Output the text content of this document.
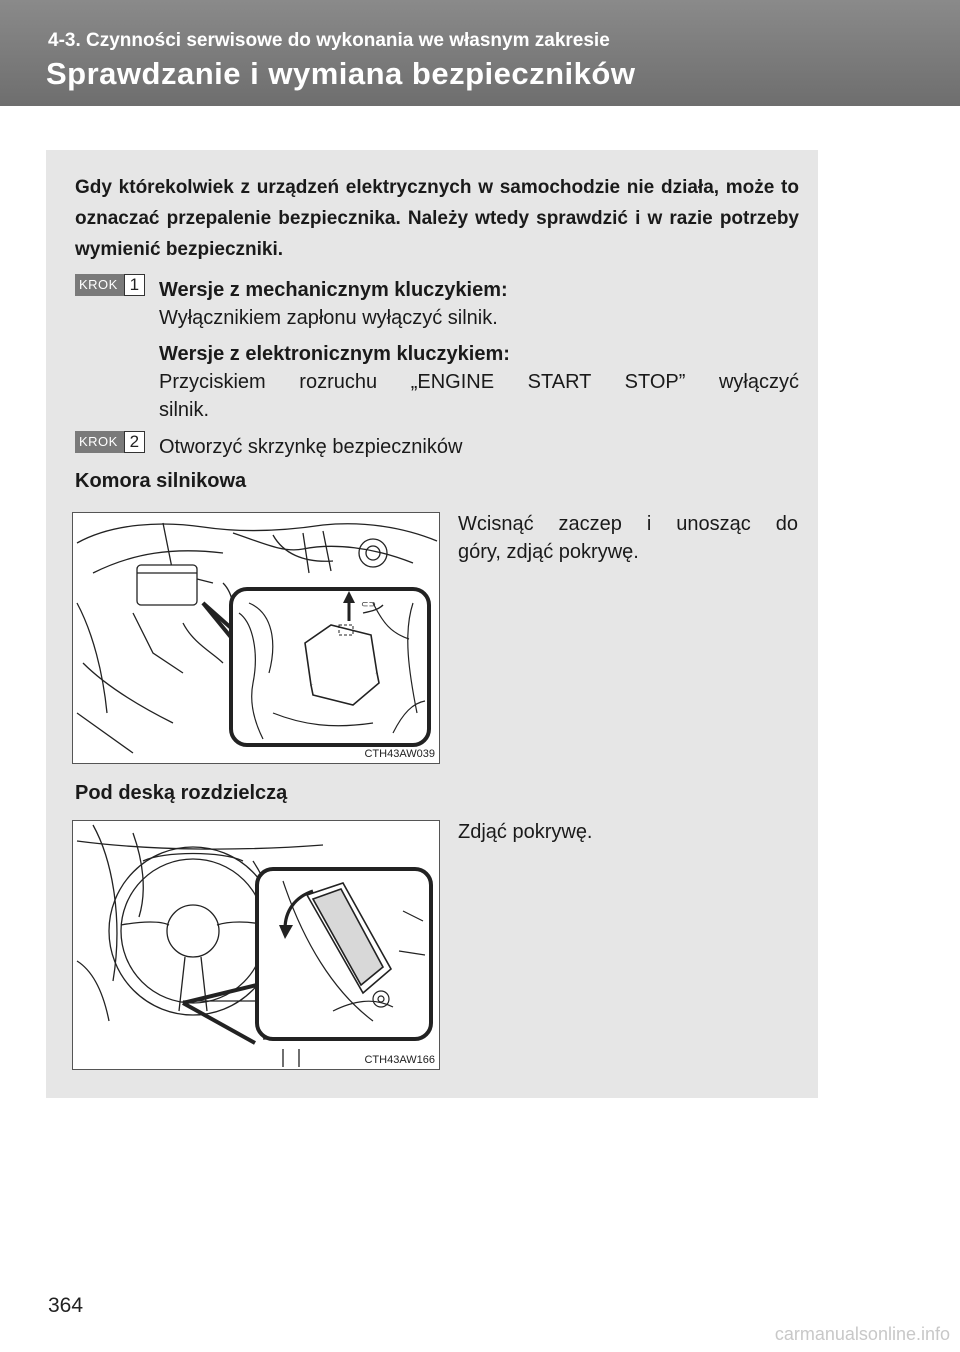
4-3. Czynności serwisowe do wykonania we własnym zakresie
Sprawdzanie i wymiana bezpieczników
Gdy którekolwiek z urządzeń elektrycznych w samochodzie nie działa, może to oznaczać przepalenie bezpiecznika. Należy wtedy sprawdzić i w razie potrzeby wymienić bezpieczniki.
KROK 1 Wersje z mechanicznym kluczykiem:
Wyłącznikiem zapłonu wyłączyć silnik.
Wersje z elektronicznym kluczykiem:
Przyciskiem rozruchu „ENGINE START STOP” wyłączyć
silnik.
KROK 2 Otworzyć skrzynkę bezpieczników
Komora silnikowa
⊂⊃
CTH43AW039
Wcisnąć zaczep i unosząc do
góry, zdjąć pokrywę.
Pod deską rozdzielczą
CTH43AW166
Zdjąć pokrywę.
364
carmanualsonline.info
